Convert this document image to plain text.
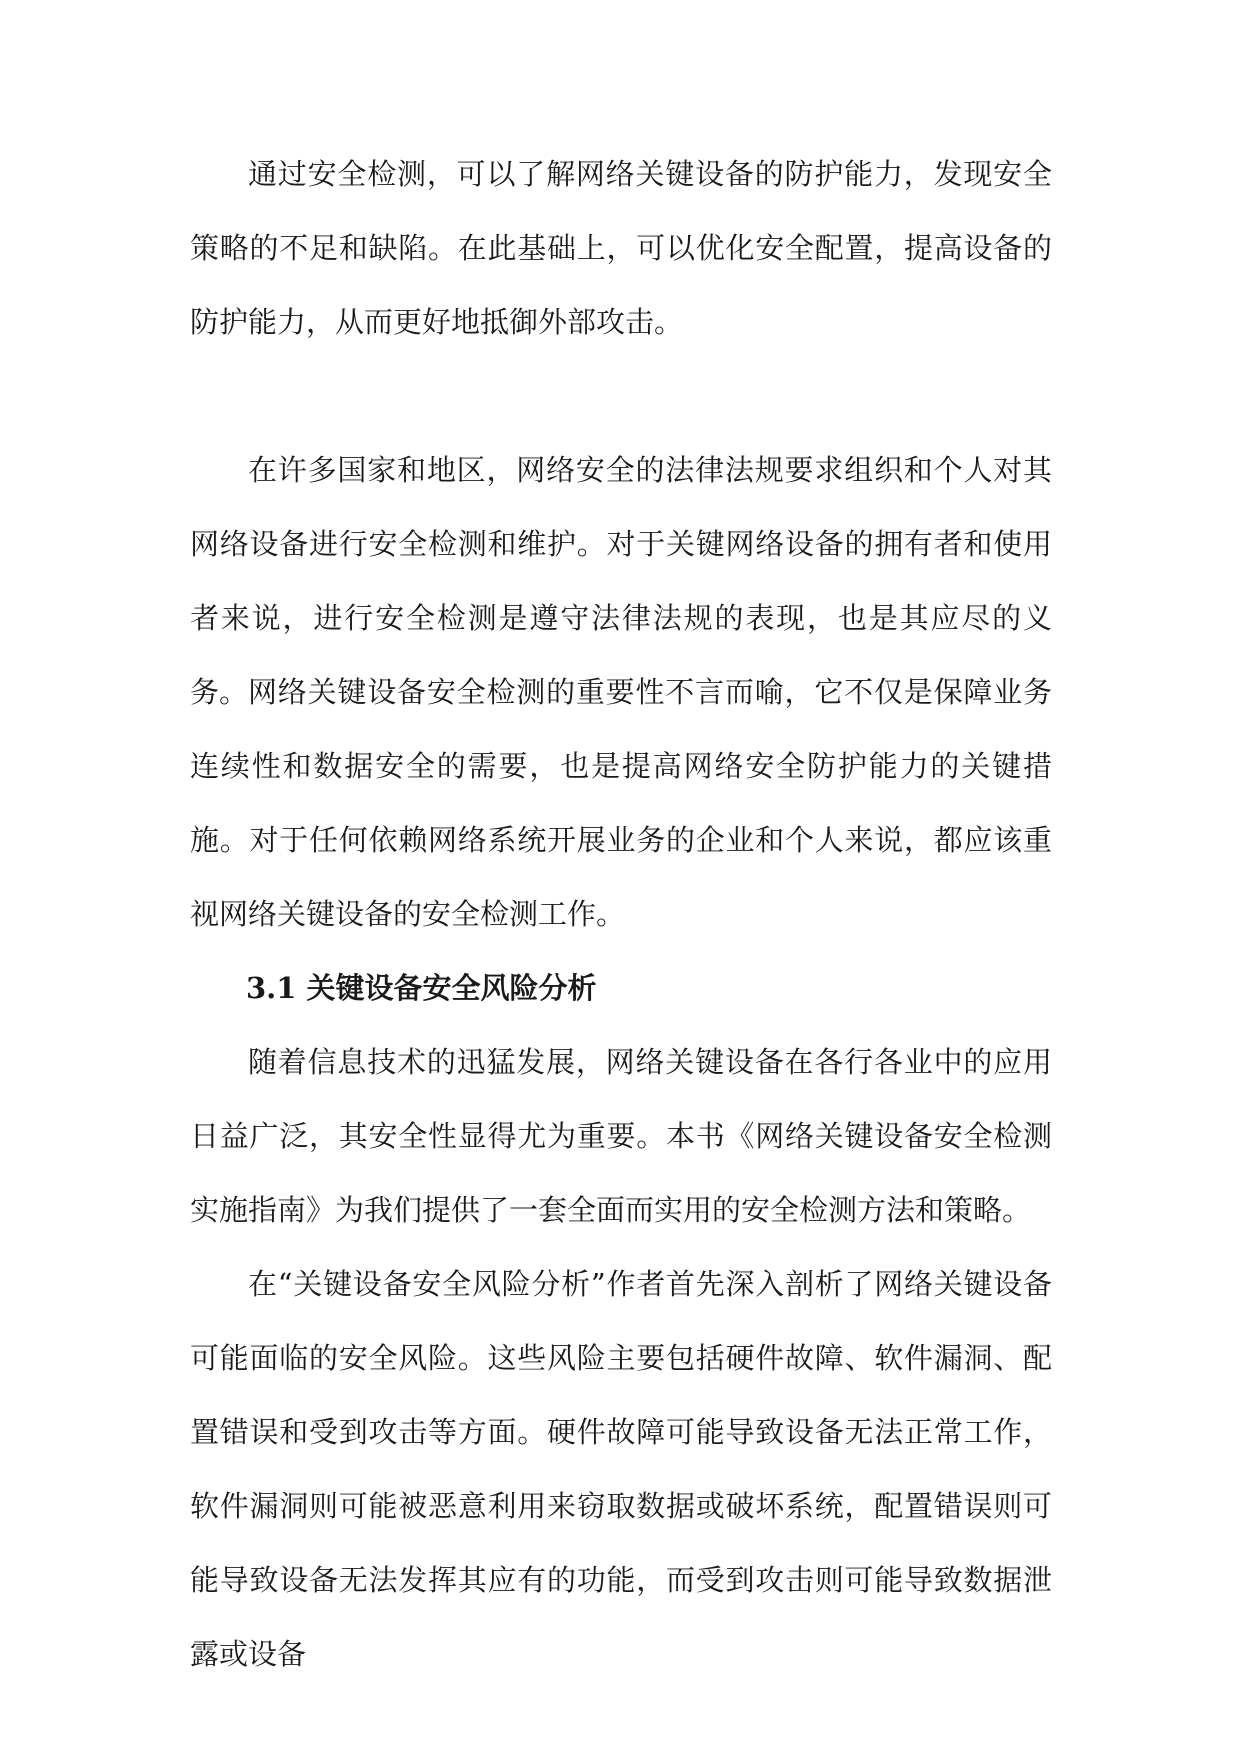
通过安全检测，可以了解网络关键设备的防护能力，发现安全策略的不足和缺陷。在此基础上，可以优化安全配置，提高设备的防护能力，从而更好地抵御外部攻击。

在许多国家和地区，网络安全的法律法规要求组织和个人对其网络设备进行安全检测和维护。对于关键网络设备的拥有者和使用者来说，进行安全检测是遵守法律法规的表现，也是其应尽的义务。 网络关键设备安全检测的重要性不言而喻，它不仅是保障业务连续性和数据安全的需要，也是提高网络安全防护能力的关键措施。对于任何依赖网络系统开展业务的企业和个人来说，都应该重视网络关键设备的安全检测工作。

3.1 关键设备安全风险分析

随着信息技术的迅猛发展，网络关键设备在各行各业中的应用日益广泛，其安全性显得尤为重要。本书《网络关键设备安全检测实施指南》为我们提供了一套全面而实用的安全检测方法和策略。

在“关键设备安全风险分析”作者首先深入剖析了网络关键设备可能面临的安全风险。这些风险主要包括硬件故障、软件漏洞、配置错误和受到攻击等方面。硬件故障可能导致设备无法正常工作，软件漏洞则可能被恶意利用来窃取数据或破坏系统，配置错误则可能导致设备无法发挥其应有的功能，而受到攻击则可能导致数据泄露或设备
